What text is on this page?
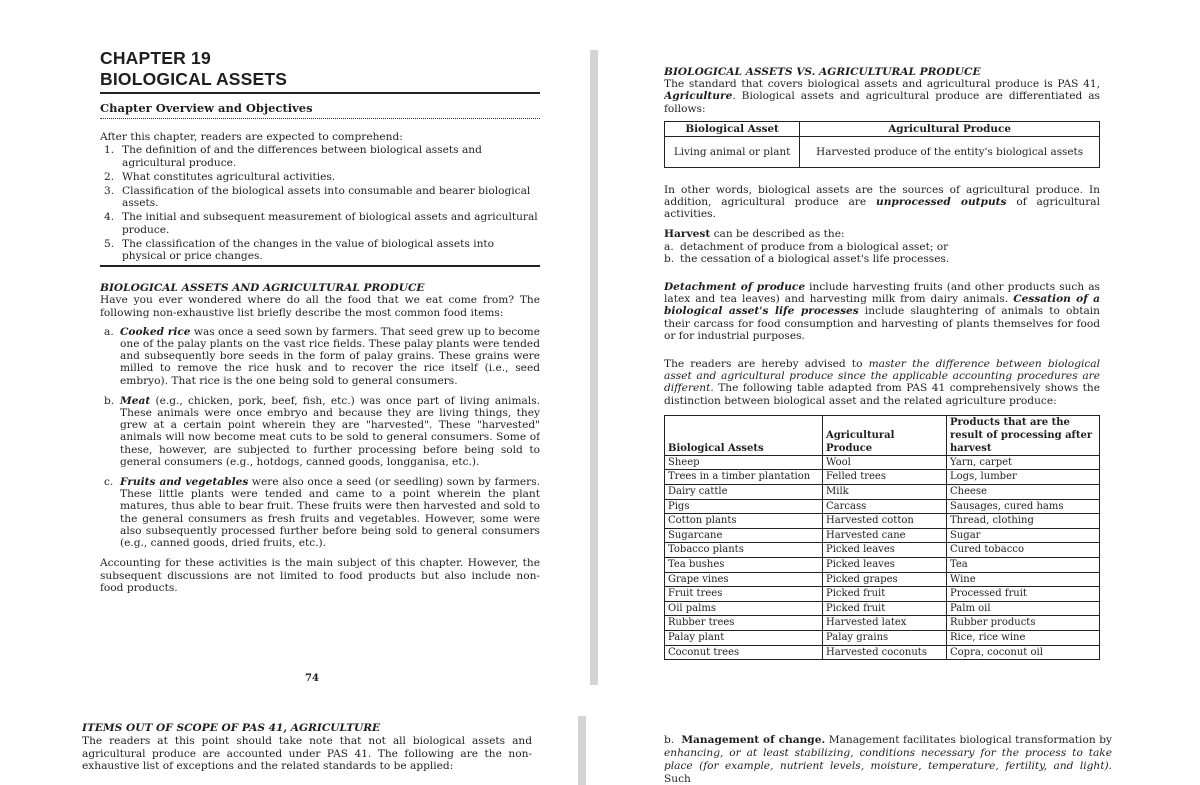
CHAPTER 19
BIOLOGICAL ASSETS
Chapter Overview and Objectives
After this chapter, readers are expected to comprehend:
1. The definition of and the differences between biological assets and agricultural produce.
2. What constitutes agricultural activities.
3. Classification of the biological assets into consumable and bearer biological assets.
4. The initial and subsequent measurement of biological assets and agricultural produce.
5. The classification of the changes in the value of biological assets into physical or price changes.
BIOLOGICAL ASSETS AND AGRICULTURAL PRODUCE
Have you ever wondered where do all the food that we eat come from? The following non-exhaustive list briefly describe the most common food items:
a. Cooked rice was once a seed sown by farmers. That seed grew up to become one of the palay plants on the vast rice fields. These palay plants were tended and subsequently bore seeds in the form of palay grains. These grains were milled to remove the rice husk and to recover the rice itself (i.e., seed embryo). That rice is the one being sold to general consumers.
b. Meat (e.g., chicken, pork, beef, fish, etc.) was once part of living animals. These animals were once embryo and because they are living things, they grew at a certain point wherein they are "harvested". These "harvested" animals will now become meat cuts to be sold to general consumers. Some of these, however, are subjected to further processing before being sold to general consumers (e.g., hotdogs, canned goods, longganisa, etc.).
c. Fruits and vegetables were also once a seed (or seedling) sown by farmers. These little plants were tended and came to a point wherein the plant matures, thus able to bear fruit. These fruits were then harvested and sold to the general consumers as fresh fruits and vegetables. However, some were also subsequently processed further before being sold to general consumers (e.g., canned goods, dried fruits, etc.).
Accounting for these activities is the main subject of this chapter. However, the subsequent discussions are not limited to food products but also include non-food products.
74
BIOLOGICAL ASSETS VS. AGRICULTURAL PRODUCE
The standard that covers biological assets and agricultural produce is PAS 41, Agriculture. Biological assets and agricultural produce are differentiated as follows:
Biological Asset	Agricultural Produce
Living animal or plant	Harvested produce of the entity's biological assets
In other words, biological assets are the sources of agricultural produce. In addition, agricultural produce are unprocessed outputs of agricultural activities.
Harvest can be described as the:
a. detachment of produce from a biological asset; or
b. the cessation of a biological asset's life processes.
Detachment of produce include harvesting fruits (and other products such as latex and tea leaves) and harvesting milk from dairy animals. Cessation of a biological asset's life processes include slaughtering of animals to obtain their carcass for food consumption and harvesting of plants themselves for food or for industrial purposes.
The readers are hereby advised to master the difference between biological asset and agricultural produce since the applicable accounting procedures are different. The following table adapted from PAS 41 comprehensively shows the distinction between biological asset and the related agriculture produce:
Biological Assets	Agricultural Produce	Products that are the result of processing after harvest
Sheep	Wool	Yarn, carpet
Trees in a timber plantation	Felled trees	Logs, lumber
Dairy cattle	Milk	Cheese
Pigs	Carcass	Sausages, cured hams
Cotton plants	Harvested cotton	Thread, clothing
Sugarcane	Harvested cane	Sugar
Tobacco plants	Picked leaves	Cured tobacco
Tea bushes	Picked leaves	Tea
Grape vines	Picked grapes	Wine
Fruit trees	Picked fruit	Processed fruit
Oil palms	Picked fruit	Palm oil
Rubber trees	Harvested latex	Rubber products
Palay plant	Palay grains	Rice, rice wine
Coconut trees	Harvested coconuts	Copra, coconut oil
ITEMS OUT OF SCOPE OF PAS 41, AGRICULTURE
The readers at this point should take note that not all biological assets and agricultural produce are accounted under PAS 41. The following are the non-exhaustive list of exceptions and the related standards to be applied:
b. Management of change. Management facilitates biological transformation by enhancing, or at least stabilizing, conditions necessary for the process to take place (for example, nutrient levels, moisture, temperature, fertility, and light). Such
